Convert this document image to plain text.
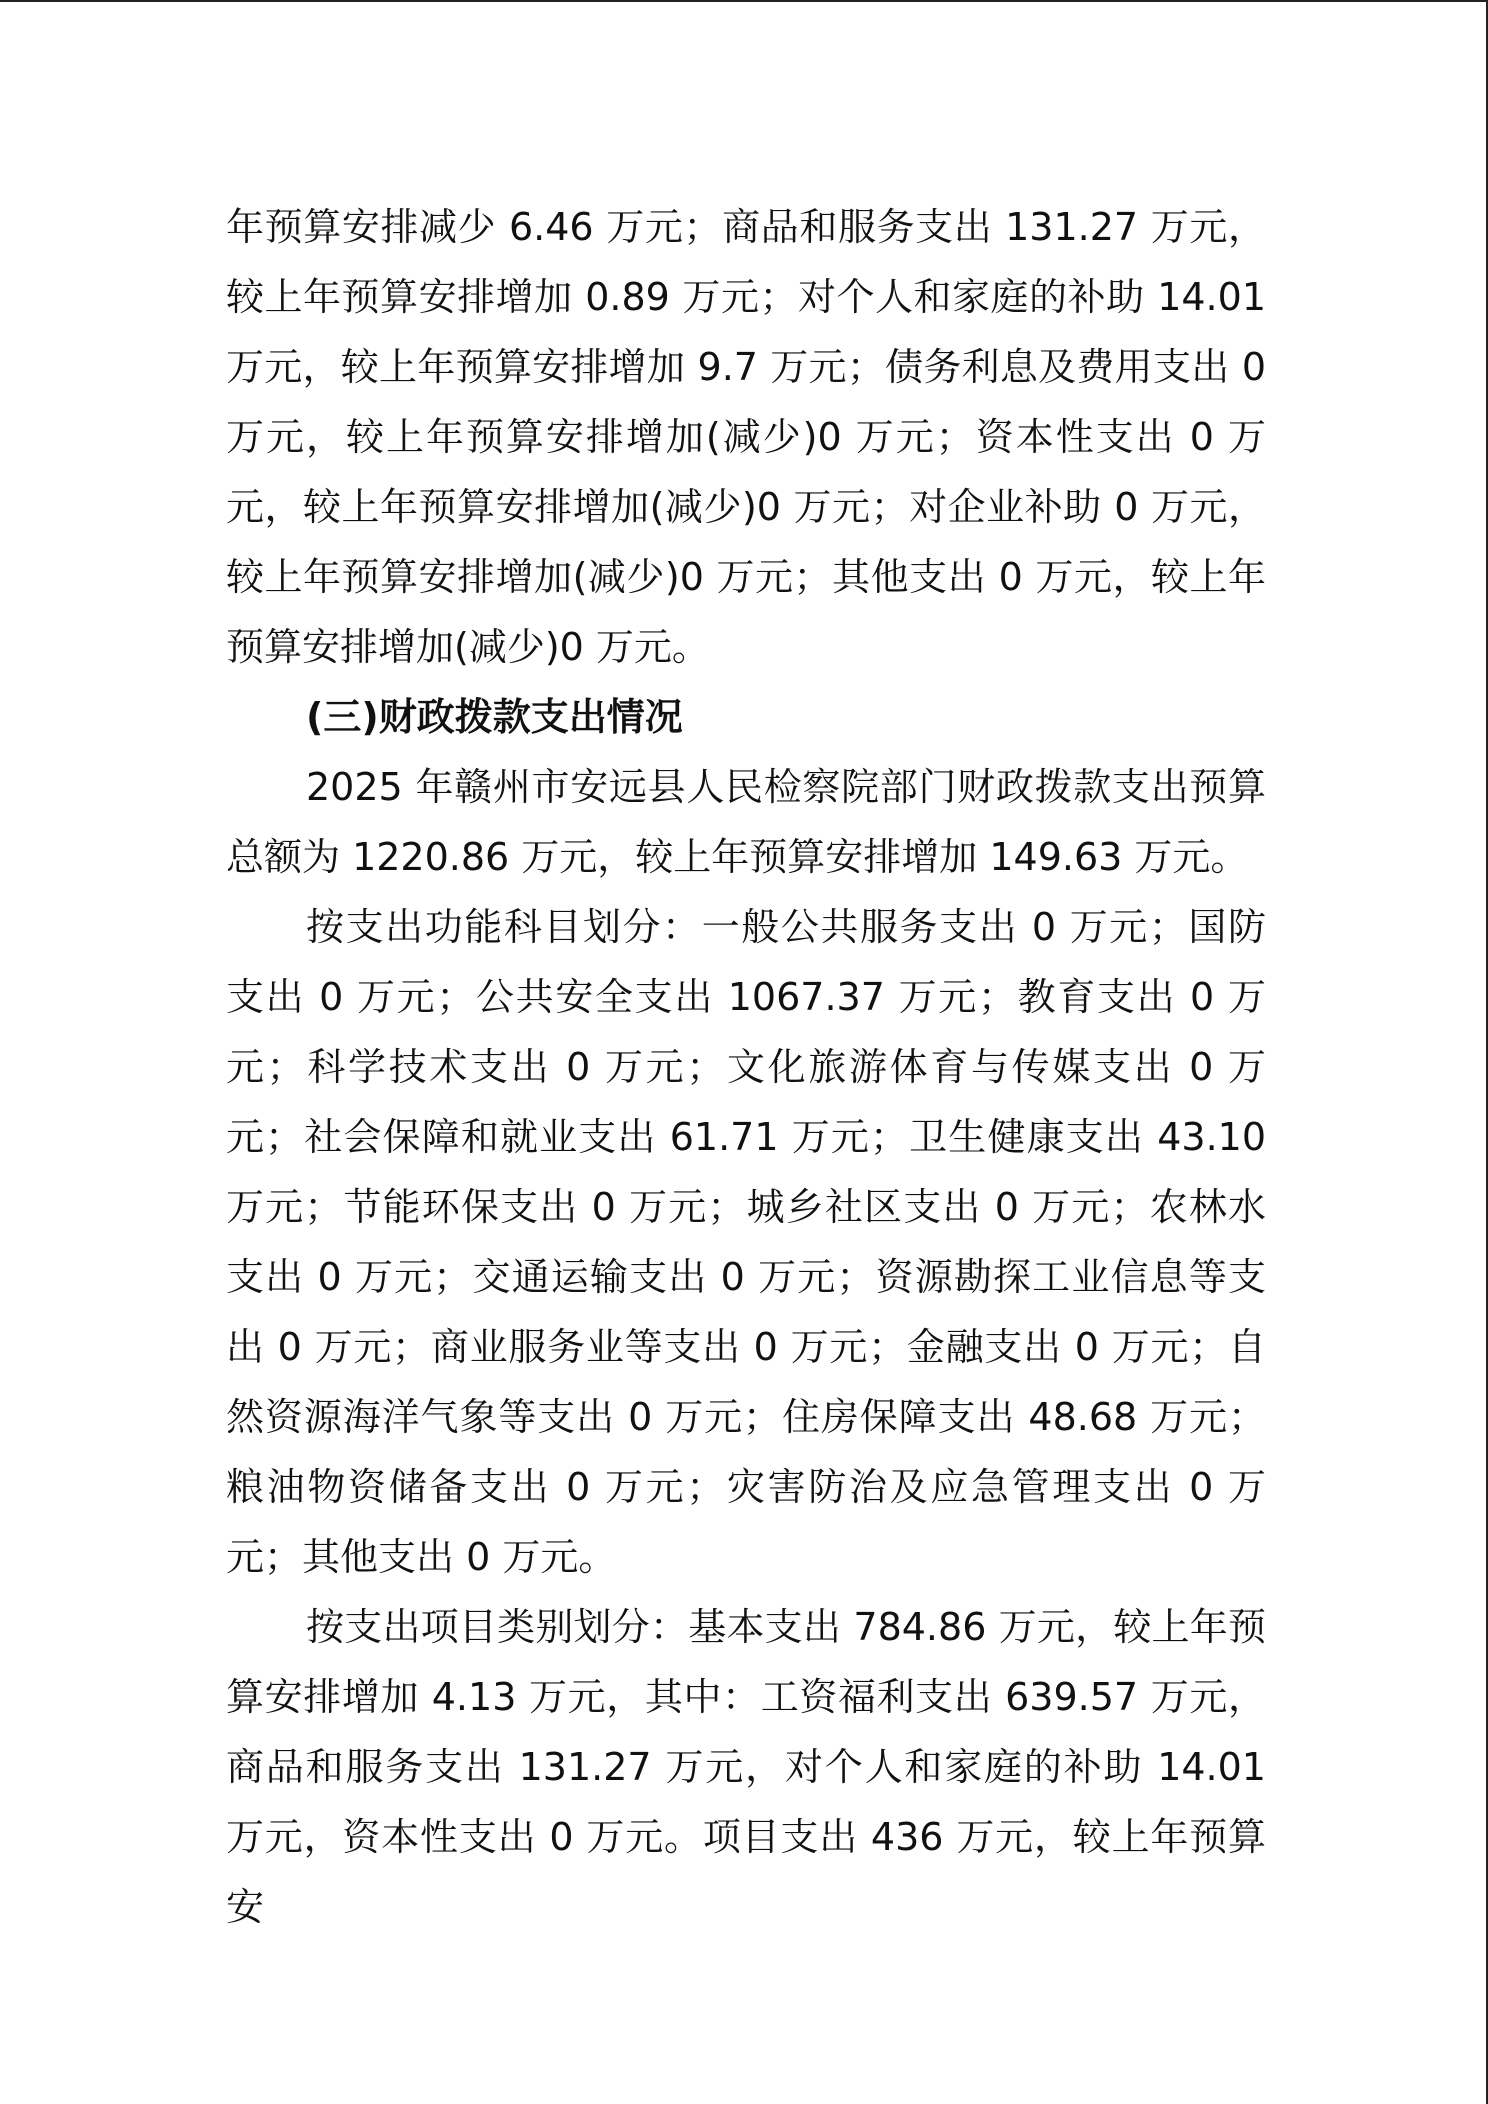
年预算安排减少 6.46 万元；商品和服务支出 131.27 万元，较上年预算安排增加 0.89 万元；对个人和家庭的补助 14.01 万元，较上年预算安排增加 9.7 万元；债务利息及费用支出 0 万元，较上年预算安排增加(减少)0 万元；资本性支出 0 万元，较上年预算安排增加(减少)0 万元；对企业补助 0 万元，较上年预算安排增加(减少)0 万元；其他支出 0 万元，较上年预算安排增加(减少)0 万元。

(三)财政拨款支出情况

2025 年赣州市安远县人民检察院部门财政拨款支出预算总额为 1220.86 万元，较上年预算安排增加 149.63 万元。

按支出功能科目划分：一般公共服务支出 0 万元；国防支出 0 万元；公共安全支出 1067.37 万元；教育支出 0 万元；科学技术支出 0 万元；文化旅游体育与传媒支出 0 万元；社会保障和就业支出 61.71 万元；卫生健康支出 43.10 万元；节能环保支出 0 万元；城乡社区支出 0 万元；农林水支出 0 万元；交通运输支出 0 万元；资源勘探工业信息等支出 0 万元；商业服务业等支出 0 万元；金融支出 0 万元；自然资源海洋气象等支出 0 万元；住房保障支出 48.68 万元；粮油物资储备支出 0 万元；灾害防治及应急管理支出 0 万元；其他支出 0 万元。

按支出项目类别划分：基本支出 784.86 万元，较上年预算安排增加 4.13 万元，其中：工资福利支出 639.57 万元，商品和服务支出 131.27 万元，对个人和家庭的补助 14.01 万元，资本性支出 0 万元。项目支出 436 万元，较上年预算安
